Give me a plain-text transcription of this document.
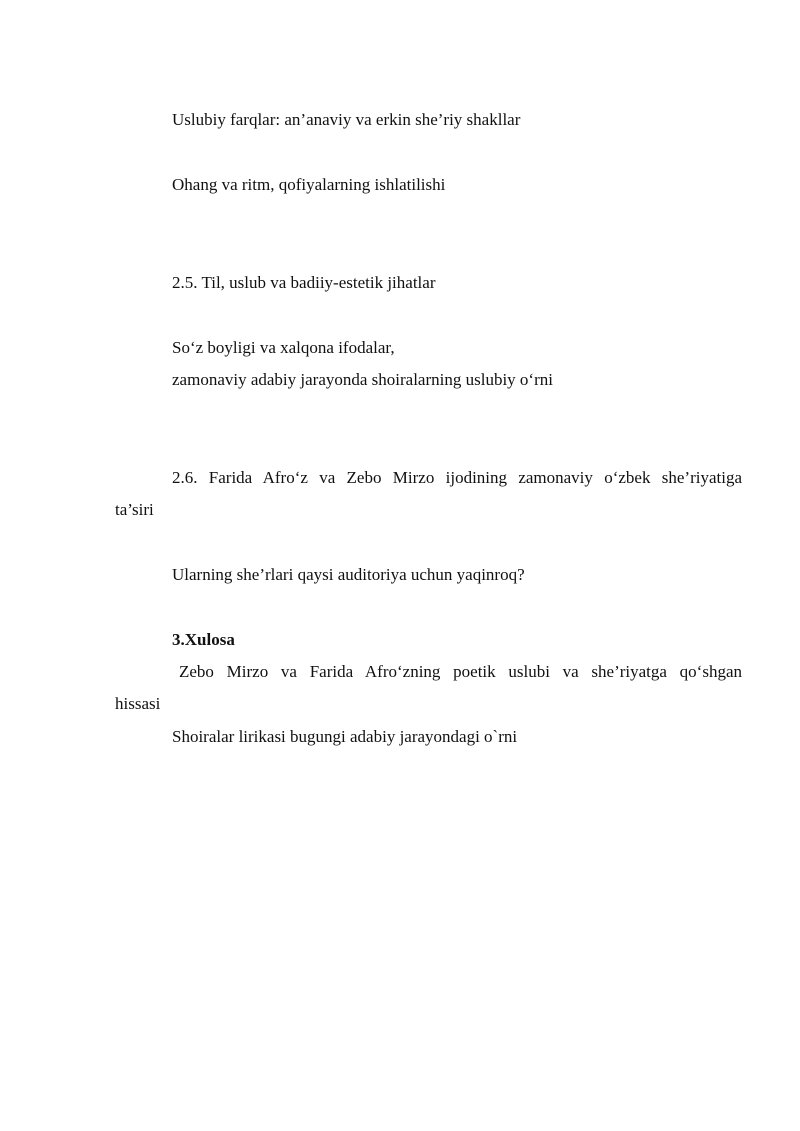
Uslubiy farqlar: an’anaviy va erkin she’riy shakllar
Ohang va ritm, qofiyalarning ishlatilishi
2.5. Til, uslub va badiiy-estetik jihatlar
So‘z boyligi va xalqona ifodalar,
zamonaviy adabiy jarayonda shoiralarning uslubiy o‘rni
2.6. Farida Afro‘z va Zebo Mirzo ijodining zamonaviy o‘zbek she’riyatiga
ta’siri
Ularning she’rlari qaysi auditoriya uchun yaqinroq?
3.Xulosa
Zebo Mirzo va Farida Afro‘zning poetik uslubi va she’riyatga qo‘shgan
hissasi
Shoiralar lirikasi bugungi adabiy jarayondagi o`rni
